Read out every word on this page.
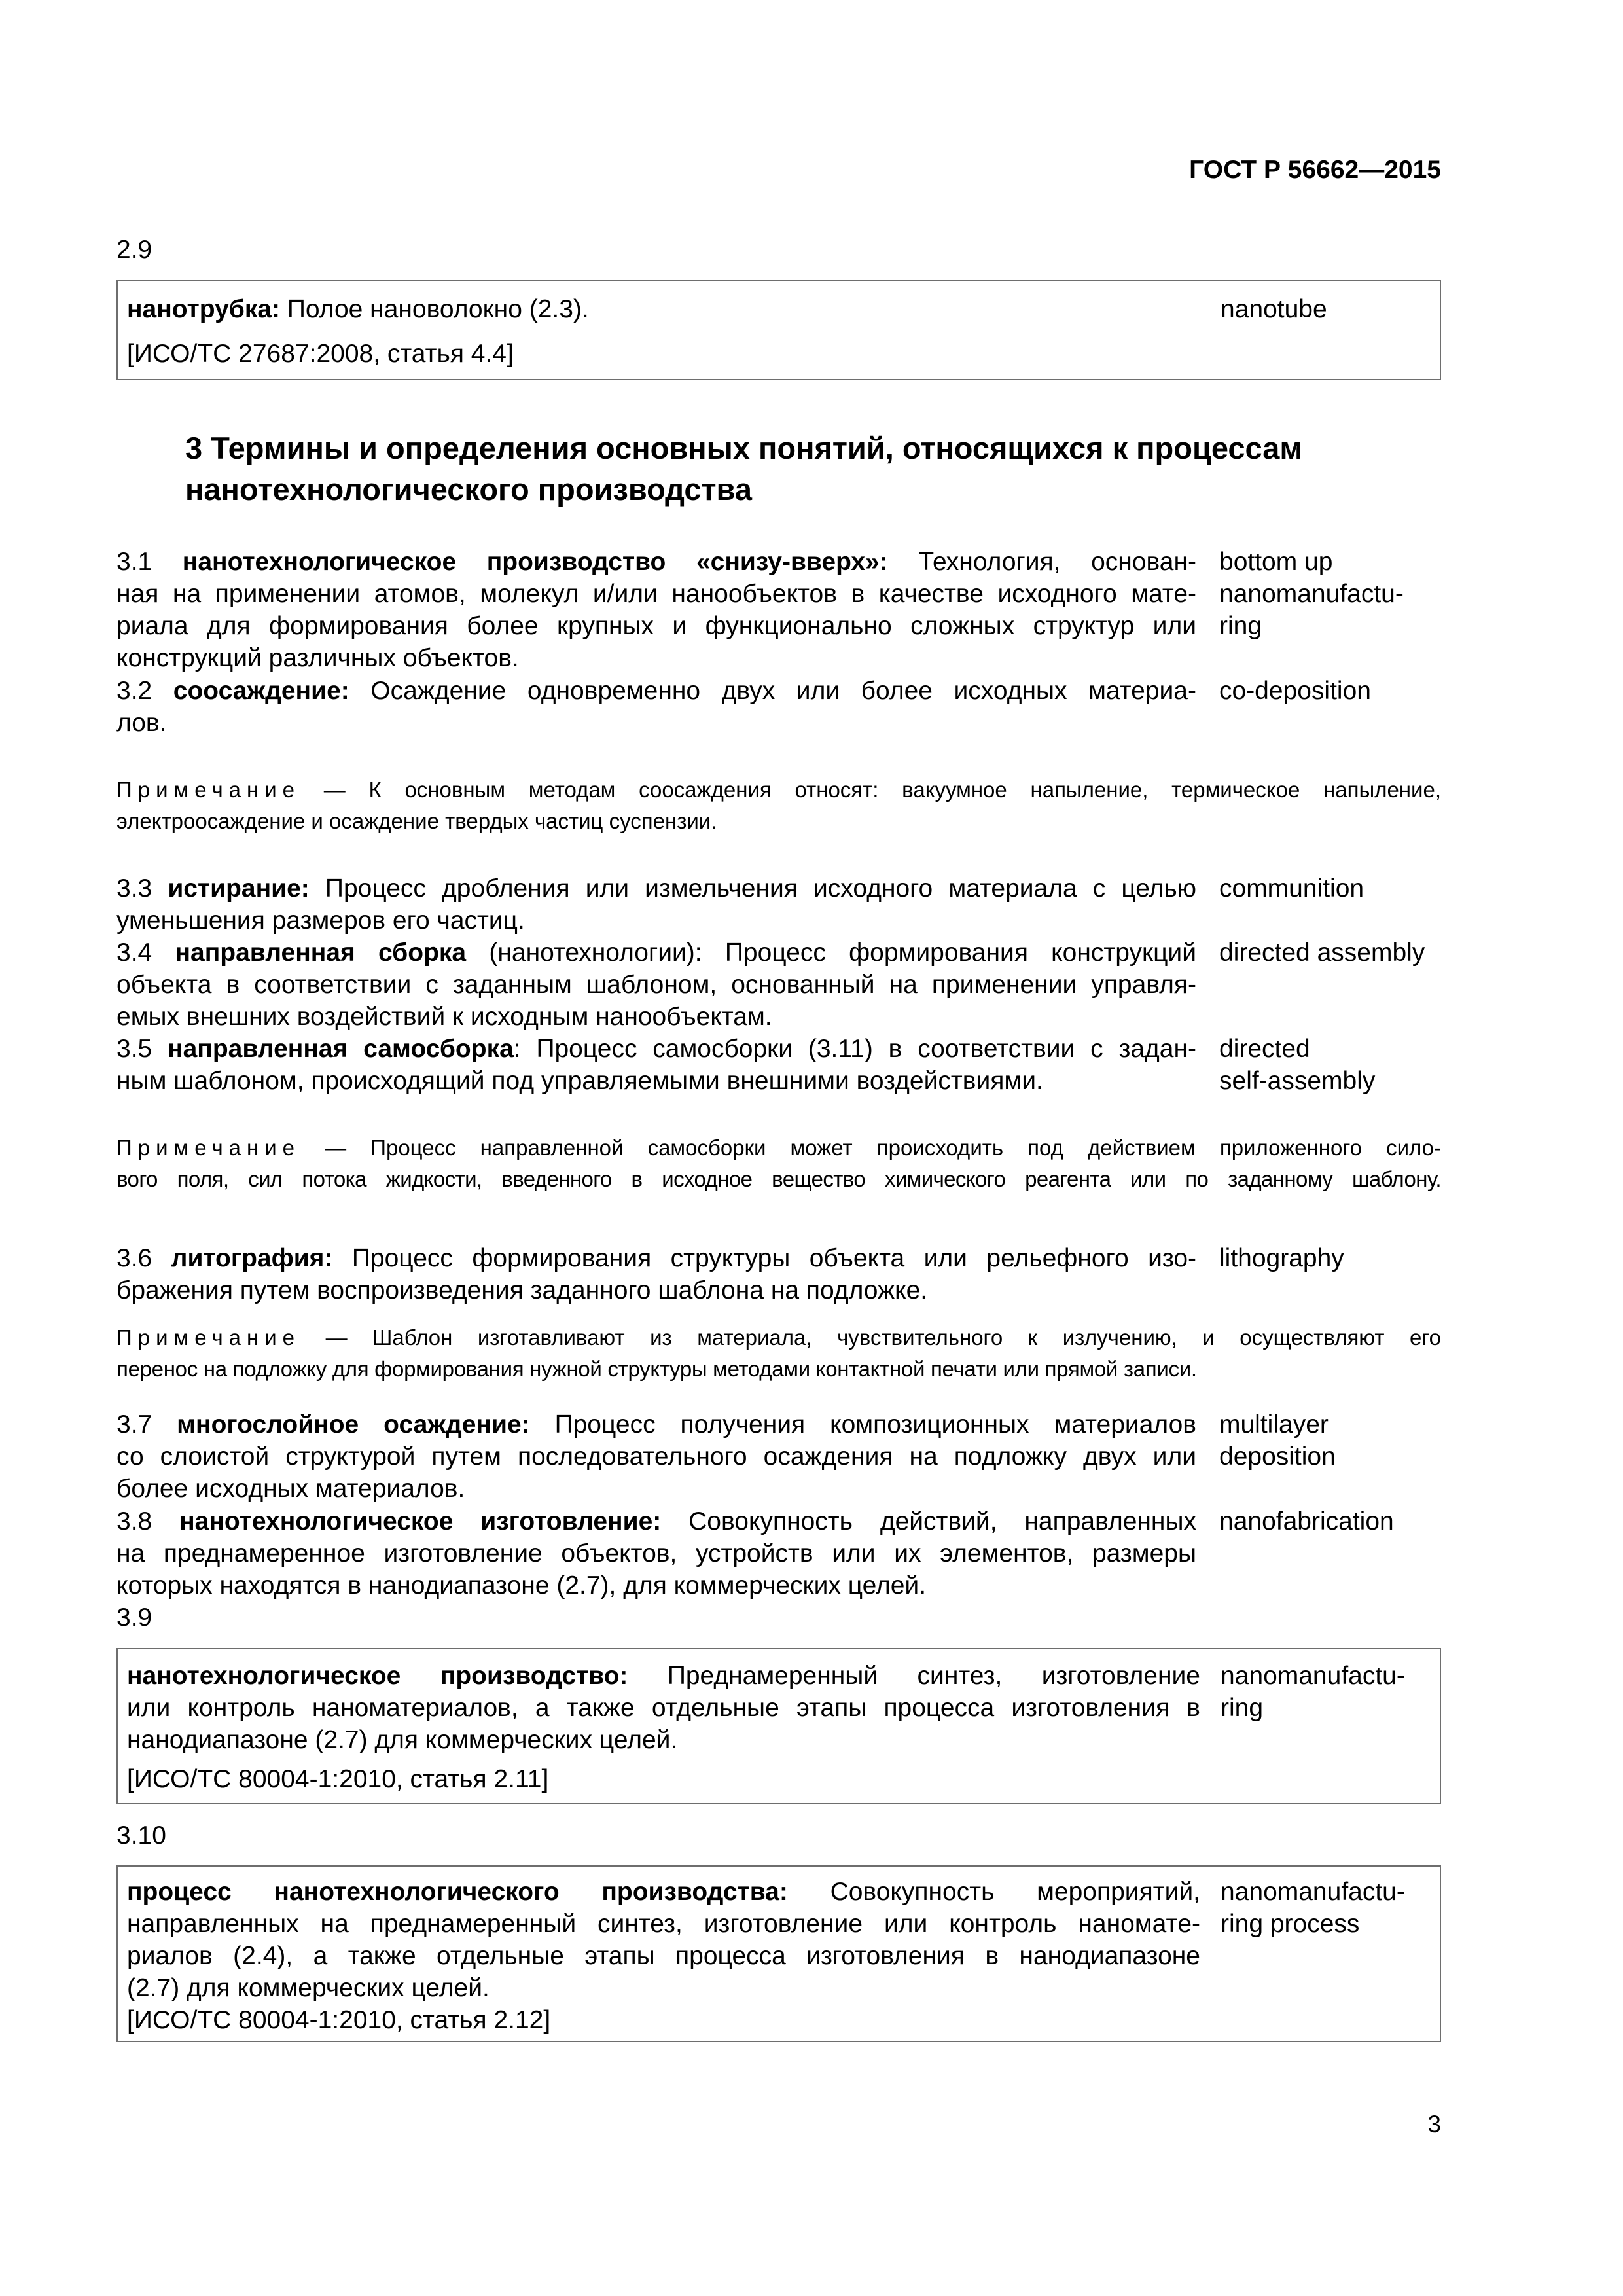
ГОСТ Р 56662—2015
2.9
нанотрубка: Полое нановолокно (2.3).
[ИСО/ТС 27687:2008, статья 4.4]
nanotube
3 Термины и определения основных понятий, относящихся к процессам
нанотехнологического производства
3.1 нанотехнологическое производство «снизу-вверх»: Технология, основан-
ная на применении атомов, молекул и/или нанообъектов в качестве исходного мате-
риала для формирования более крупных и функционально сложных структур или
конструкций различных объектов.
bottom up
nanomanufactu-
ring
3.2 соосаждение: Осаждение одновременно двух или более исходных материа-
лов.
co-deposition
Примечание — К основным методам соосаждения относят: вакуумное напыление, термическое напыление,
электроосаждение и осаждение твердых частиц суспензии.
3.3 истирание: Процесс дробления или измельчения исходного материала с целью
уменьшения размеров его частиц.
communition
3.4 направленная сборка (нанотехнологии): Процесс формирования конструкций
объекта в соответствии с заданным шаблоном, основанный на применении управля-
емых внешних воздействий к исходным нанообъектам.
directed assembly
3.5 направленная самосборка: Процесс самосборки (3.11) в соответствии с задан-
ным шаблоном, происходящий под управляемыми внешними воздействиями.
directed
self-assembly
Примечание — Процесс направленной самосборки может происходить под действием приложенного сило-
вого поля, сил потока жидкости, введенного в исходное вещество химического реагента или по заданному шаблону.
3.6 литография: Процесс формирования структуры объекта или рельефного изо-
бражения путем воспроизведения заданного шаблона на подложке.
lithography
Примечание — Шаблон изготавливают из материала, чувствительного к излучению, и осуществляют его
перенос на подложку для формирования нужной структуры методами контактной печати или прямой записи.
3.7 многослойное осаждение: Процесс получения композиционных материалов
со слоистой структурой путем последовательного осаждения на подложку двух или
более исходных материалов.
multilayer
deposition
3.8 нанотехнологическое изготовление: Совокупность действий, направленных
на преднамеренное изготовление объектов, устройств или их элементов, размеры
которых находятся в нанодиапазоне (2.7), для коммерческих целей.
nanofabrication
3.9
нанотехнологическое производство: Преднамеренный синтез, изготовление
или контроль наноматериалов, а также отдельные этапы процесса изготовления в
нанодиапазоне (2.7) для коммерческих целей.
[ИСО/ТС 80004-1:2010, статья 2.11]
nanomanufactu-
ring
3.10
процесс нанотехнологического производства: Совокупность мероприятий,
направленных на преднамеренный синтез, изготовление или контроль наноматe-
риалов (2.4), а также отдельные этапы процесса изготовления в нанодиапазоне
(2.7) для коммерческих целей.
[ИСО/ТС 80004-1:2010, статья 2.12]
nanomanufactu-
ring process
3
